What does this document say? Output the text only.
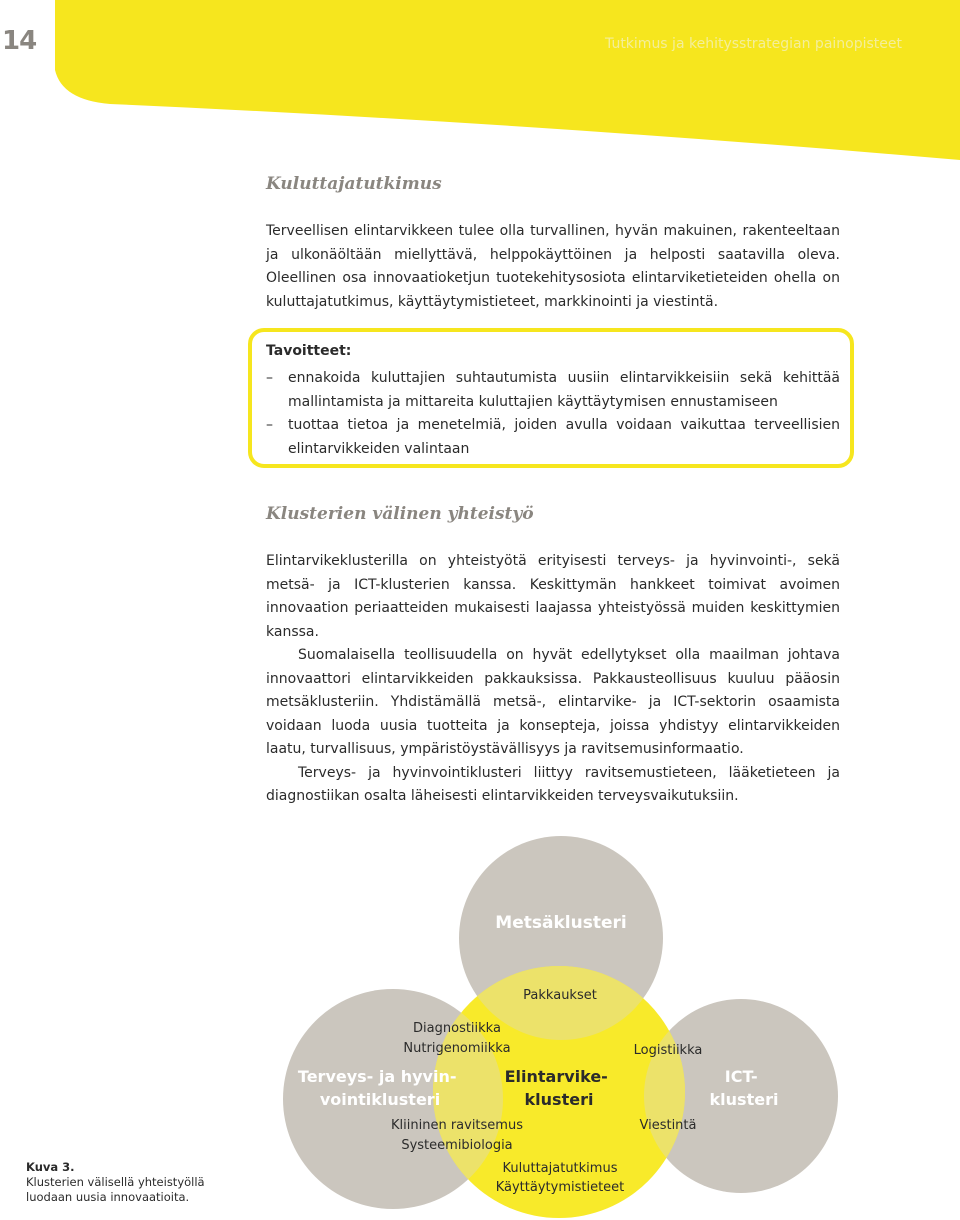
14	Tutkimus ja kehitysstrategian painopisteet
Kuluttajatutkimus

Terveellisen elintarvikkeen tulee olla turvallinen, hyvän makuinen, rakenteeltaan ja ulkonäöltään miellyttävä, helppokäyttöinen ja helposti saatavilla oleva. Oleellinen osa innovaatioketjun tuotekehitysosiota elintarviketieteiden ohella on kuluttajatutkimus, käyttäytymistieteet, markkinointi ja viestintä.

Tavoitteet:

– ennakoida kuluttajien suhtautumista uusiin elintarvikkeisiin sekä kehittää mallintamista ja mittareita kuluttajien käyttäytymisen ennustamiseen
– tuottaa tietoa ja menetelmiä, joiden avulla voidaan vaikuttaa terveellisien elintarvikkeiden valintaan
Klusterien välinen yhteistyö

Elintarvikeklusterilla on yhteistyötä erityisesti terveys- ja hyvinvointi-, sekä metsä- ja ICT-klusterien kanssa. Keskittymän hankkeet toimivat avoimen innovaation periaatteiden mukaisesti laajassa yhteistyössä muiden keskittymien kanssa.

Suomalaisella teollisuudella on hyvät edellytykset olla maailman johtava innovaattori elintarvikkeiden pakkauksissa. Pakkausteollisuus kuuluu pääosin metsäklusteriin. Yhdistämällä metsä-, elintarvike- ja ICT-sektorin osaamista voidaan luoda uusia tuotteita ja konsepteja, joissa yhdistyy elintarvikkeiden laatu, turvallisuus, ympäristöystävällisyys ja ravitsemusinformaatio.

Terveys- ja hyvinvointiklusteri liittyy ravitsemustieteen, lääketieteen ja diagnostiikan osalta läheisesti elintarvikkeiden terveysvaikutuksiin.

Metsäklusteri
Terveys- ja hyvin- vointiklusteri
Elintarvike- klusteri
ICT- klusteri
Pakkaukset
Diagnostiikka
Nutrigenomiikka	Logistiikka
Kliininen ravitsemus
Systeemibiologia
Viestintä
Kuluttajatutkimus
Käyttäytymistieteet
Kuva 3.
Klusterien välisellä yhteistyöllä luodaan uusia innovaatioita.
